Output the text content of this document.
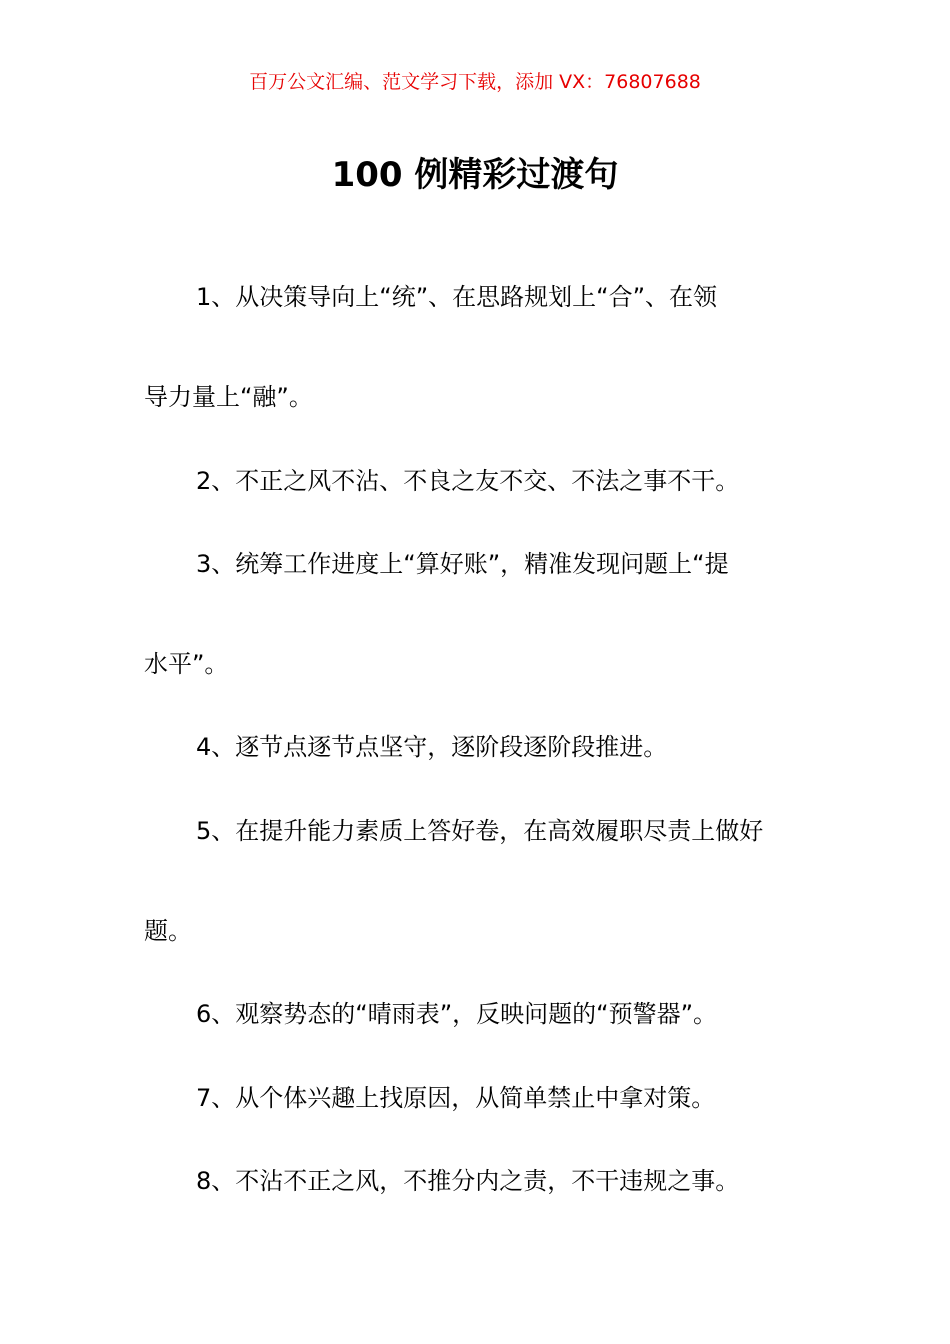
百万公文汇编、范文学习下载，添加 VX：76807688
100 例精彩过渡句
1、从决策导向上“统”、在思路规划上“合”、在领
导力量上“融”。
2、不正之风不沾、不良之友不交、不法之事不干。
3、统筹工作进度上“算好账”，精准发现问题上“提
水平”。
4、逐节点逐节点坚守，逐阶段逐阶段推进。
5、在提升能力素质上答好卷，在高效履职尽责上做好
题。
6、观察势态的“晴雨表”，反映问题的“预警器”。
7、从个体兴趣上找原因，从简单禁止中拿对策。
8、不沾不正之风，不推分内之责，不干违规之事。
